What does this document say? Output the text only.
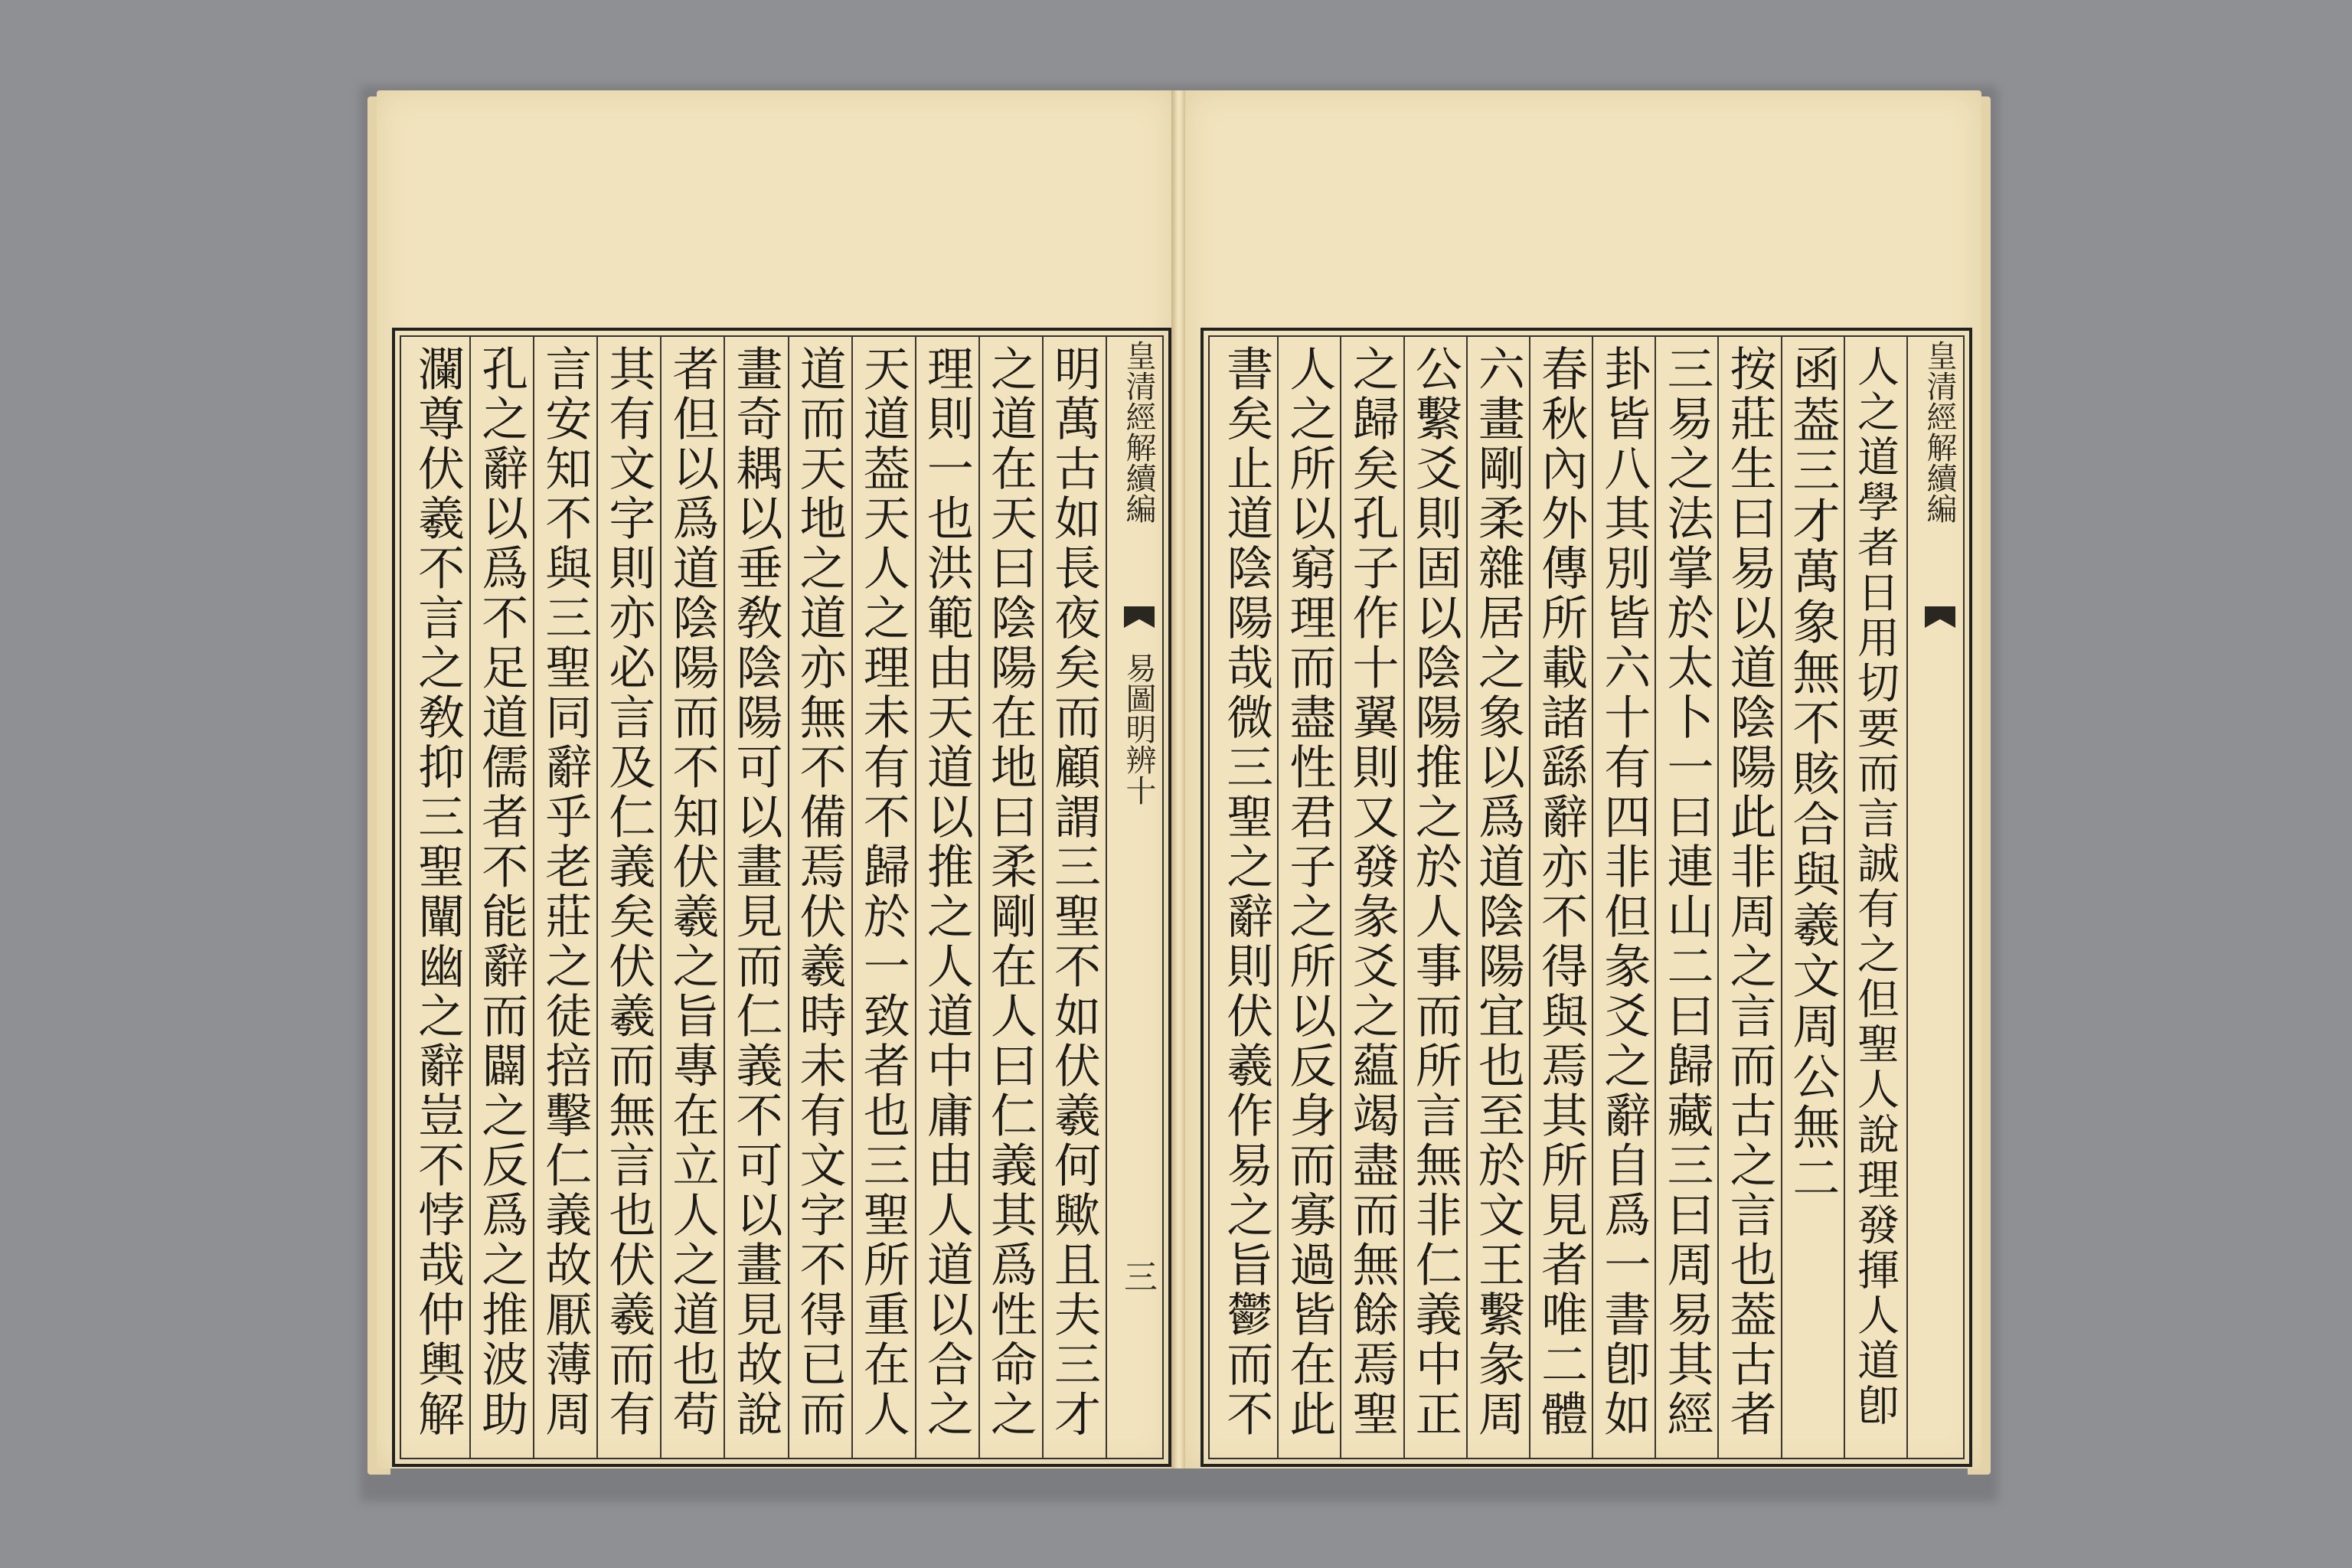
皇清經解續編
易圖明辨十
三
明萬古如長夜矣而顧謂三聖不如伏羲何歟且夫三才
之道在天曰陰陽在地曰柔剛在人曰仁義其爲性命之
理則一也洪範由天道以推之人道中庸由人道以合之
天道葢天人之理未有不歸於一致者也三聖所重在人
道而天地之道亦無不備焉伏羲時未有文字不得已而
畫奇耦以垂敎陰陽可以畫見而仁義不可以畫見故說
者但以爲道陰陽而不知伏羲之旨專在立人之道也苟
其有文字則亦必言及仁義矣伏羲而無言也伏羲而有
言安知不與三聖同辭乎老莊之徒掊擊仁義故厭薄周
孔之辭以爲不足道儒者不能辭而闢之反爲之推波助
瀾尊伏羲不言之敎抑三聖闡幽之辭豈不悖哉仲輿解	皇清經解續編
人之道學者日用切要而言誠有之但聖人說理發揮人道卽
函葢三才萬象無不賅合與羲文周公無二
按莊生曰易以道陰陽此非周之言而古之言也葢古者
三易之法掌於太卜一曰連山二曰歸藏三曰周易其經
卦皆八其別皆六十有四非但彖爻之辭自爲一書卽如
春秋內外傳所載諸繇辭亦不得與焉其所見者唯二體
六畫剛柔雜居之象以爲道陰陽宜也至於文王繫彖周
公繫爻則固以陰陽推之於人事而所言無非仁義中正
之歸矣孔子作十翼則又發彖爻之藴竭盡而無餘焉聖
人之所以窮理而盡性君子之所以反身而寡過皆在此
書矣止道陰陽哉微三聖之辭則伏羲作易之旨鬱而不
